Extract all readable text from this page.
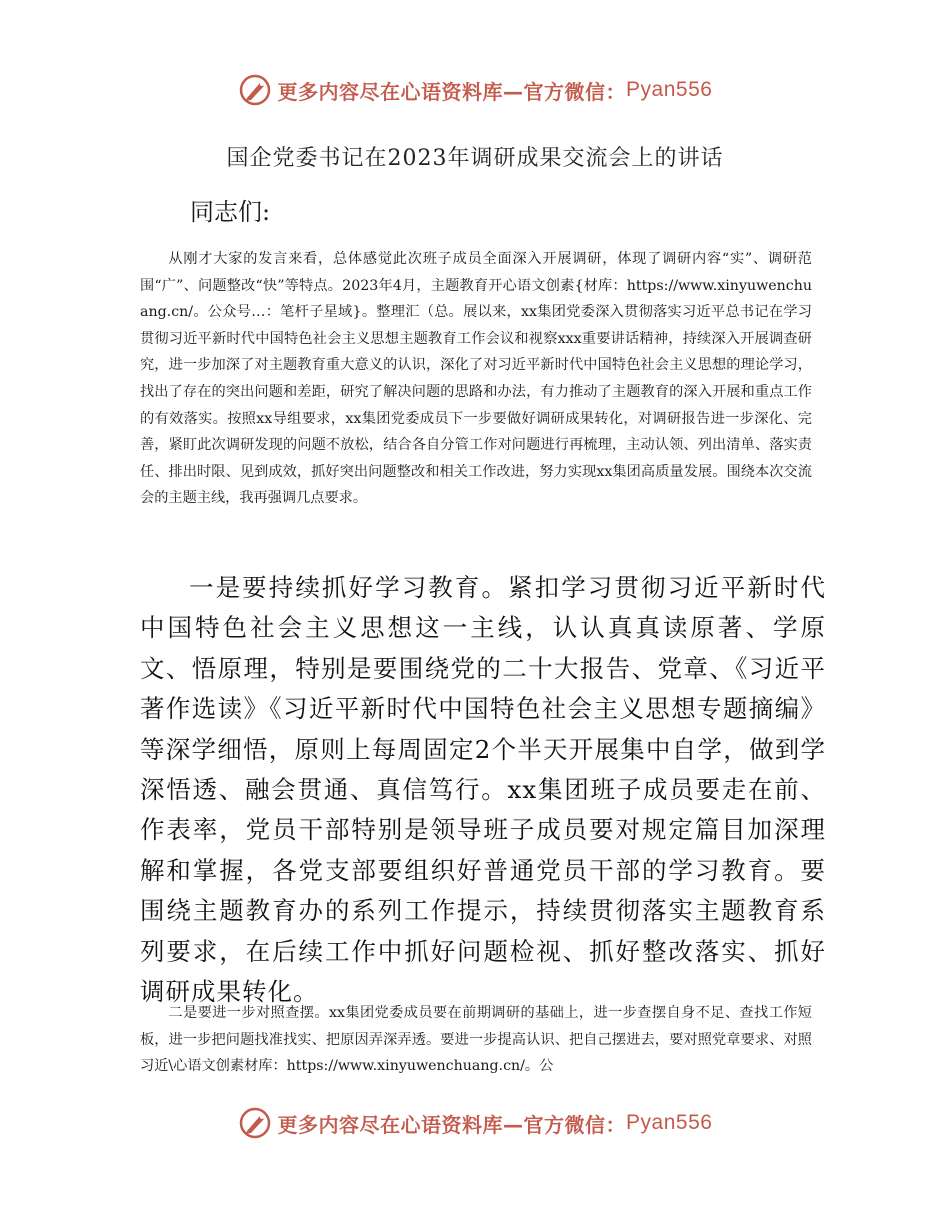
更多内容尽在心语资料库—官方微信： Pyan556
国企党委书记在2023年调研成果交流会上的讲话
同志们:

从刚才大家的发言来看，总体感觉此次班子成员全面深入开展调研，体现了调研内容“实”、调研范围“广”、问题整改“快”等特点。2023年4月，主题教育开心语文创素{材库：https://www.xinyuwenchuang.cn/。公众号…：笔杆子星域}。整理汇（总。展以来，xx集团党委深入贯彻落实习近平总书记在学习贯彻习近平新时代中国特色社会主义思想主题教育工作会议和视察xxx重要讲话精神，持续深入开展调查研究，进一步加深了对主题教育重大意义的认识，深化了对习近平新时代中国特色社会主义思想的理论学习，找出了存在的突出问题和差距，研究了解决问题的思路和办法，有力推动了主题教育的深入开展和重点工作的有效落实。按照xx导组要求，xx集团党委成员下一步要做好调研成果转化，对调研报告进一步深化、完善，紧盯此次调研发现的问题不放松，结合各自分管工作对问题进行再梳理，主动认领、列出清单、落实责任、排出时限、见到成效，抓好突出问题整改和相关工作改进，努力实现xx集团高质量发展。围绕本次交流会的主题主线，我再强调几点要求。

一是要持续抓好学习教育。紧扣学习贯彻习近平新时代中国特色社会主义思想这一主线，认认真真读原著、学原文、悟原理，特别是要围绕党的二十大报告、党章、《习近平著作选读》《习近平新时代中国特色社会主义思想专题摘编》等深学细悟，原则上每周固定2个半天开展集中自学，做到学深悟透、融会贯通、真信笃行。xx集团班子成员要走在前、作表率，党员干部特别是领导班子成员要对规定篇目加深理解和掌握，各党支部要组织好普通党员干部的学习教育。要围绕主题教育办的系列工作提示，持续贯彻落实主题教育系列要求，在后续工作中抓好问题检视、抓好整改落实、抓好调研成果转化。

二是要进一步对照查摆。xx集团党委成员要在前期调研的基础上，进一步查摆自身不足、查找工作短板，进一步把问题找准找实、把原因弄深弄透。要进一步提高认识、把自己摆进去，要对照党章要求、对照习近\心语文创素材库：https://www.xinyuwenchuang.cn/。公

更多内容尽在心语资料库—官方微信： Pyan556
